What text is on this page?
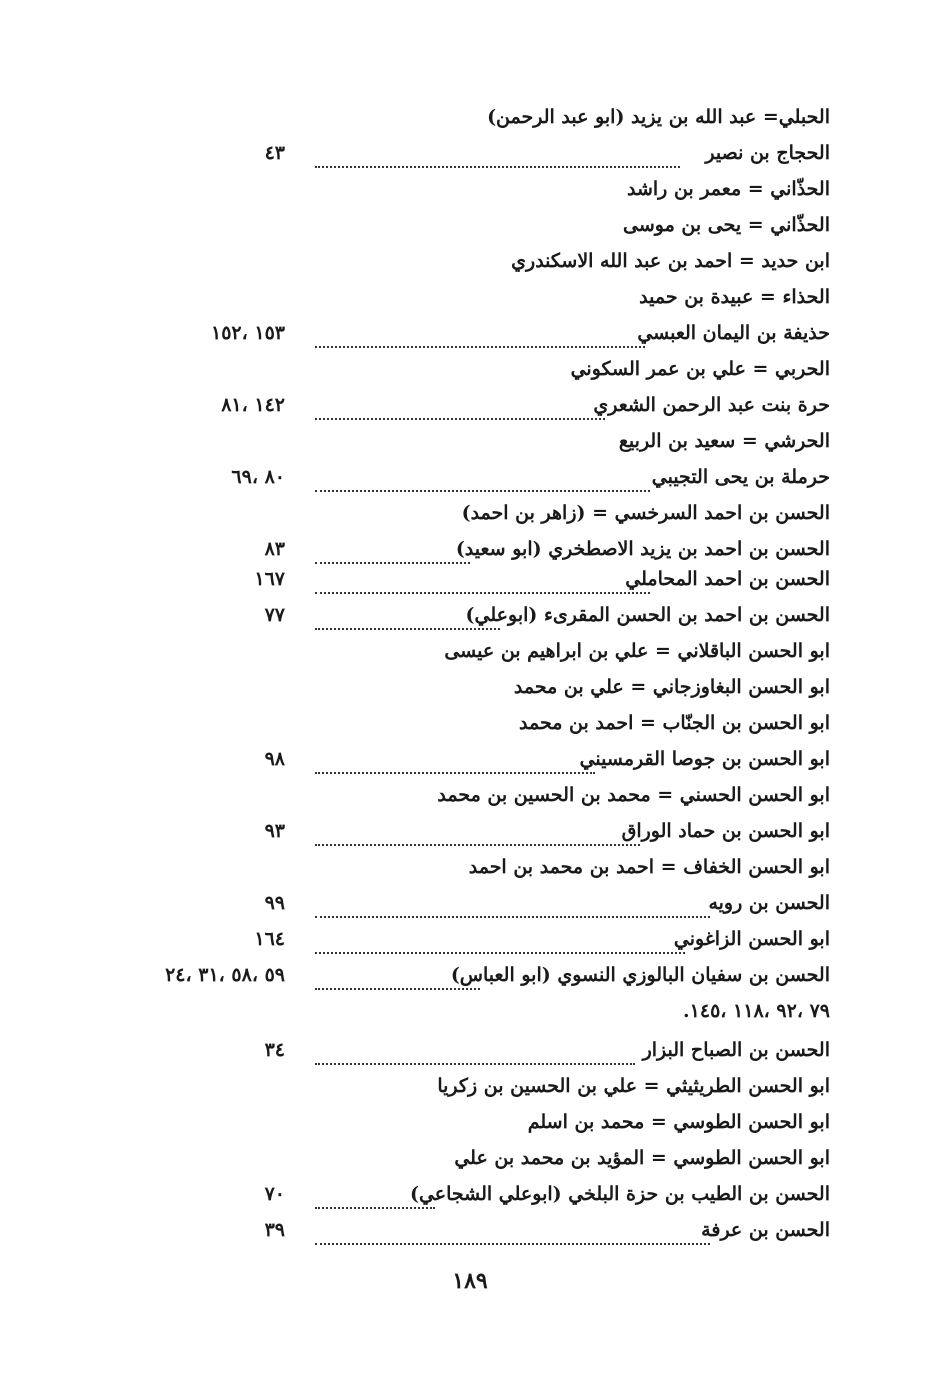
الحبلي= عبد الله بن يزيد (ابو عبد الرحمن)
الحجاج بن نصير
٤٣
الحذّاني = معمر بن راشد
الحذّاني = يحى بن موسى
ابن حديد = احمد بن عبد الله الاسكندري
الحذاء = عبيدة بن حميد
حذيفة بن اليمان العبسي
١٥٣ ،١٥٢
الحربي = علي بن عمر السكوني
حرة بنت عبد الرحمن الشعري
١٤٢ ،٨١
الحرشي = سعيد بن الربيع
حرملة بن يحى التجيبي
٨٠ ،٦٩
الحسن بن احمد السرخسي = (زاهر بن احمد)
الحسن بن احمد بن يزيد الاصطخري (ابو سعيد)
٨٣
الحسن بن احمد المحاملي
١٦٧
الحسن بن احمد بن الحسن المقرىء (ابوعلي)
٧٧
ابو الحسن الباقلاني = علي بن ابراهيم بن عيسى
ابو الحسن البغاوزجاني = علي بن محمد
ابو الحسن بن الجنّاب = احمد بن محمد
ابو الحسن بن جوصا القرمسيني
٩٨
ابو الحسن الحسني = محمد بن الحسين بن محمد
ابو الحسن بن حماد الوراق
٩٣
ابو الحسن الخفاف = احمد بن محمد بن احمد
الحسن بن رويه
٩٩
ابو الحسن الزاغوني
١٦٤
الحسن بن سفيان البالوزي النسوي (ابو العباس)
٥٩ ،٥٨ ،٣١ ،٢٤
٧٩ ،٩٢ ،١١٨ ،١٤٥.
الحسن بن الصباح البزار
٣٤
ابو الحسن الطريثيثي = علي بن الحسين بن زكريا
ابو الحسن الطوسي = محمد بن اسلم
ابو الحسن الطوسي = المؤيد بن محمد بن علي
الحسن بن الطيب بن حزة البلخي (ابوعلي الشجاعي)
٧٠
الحسن بن عرفة
٣٩
١٨٩
